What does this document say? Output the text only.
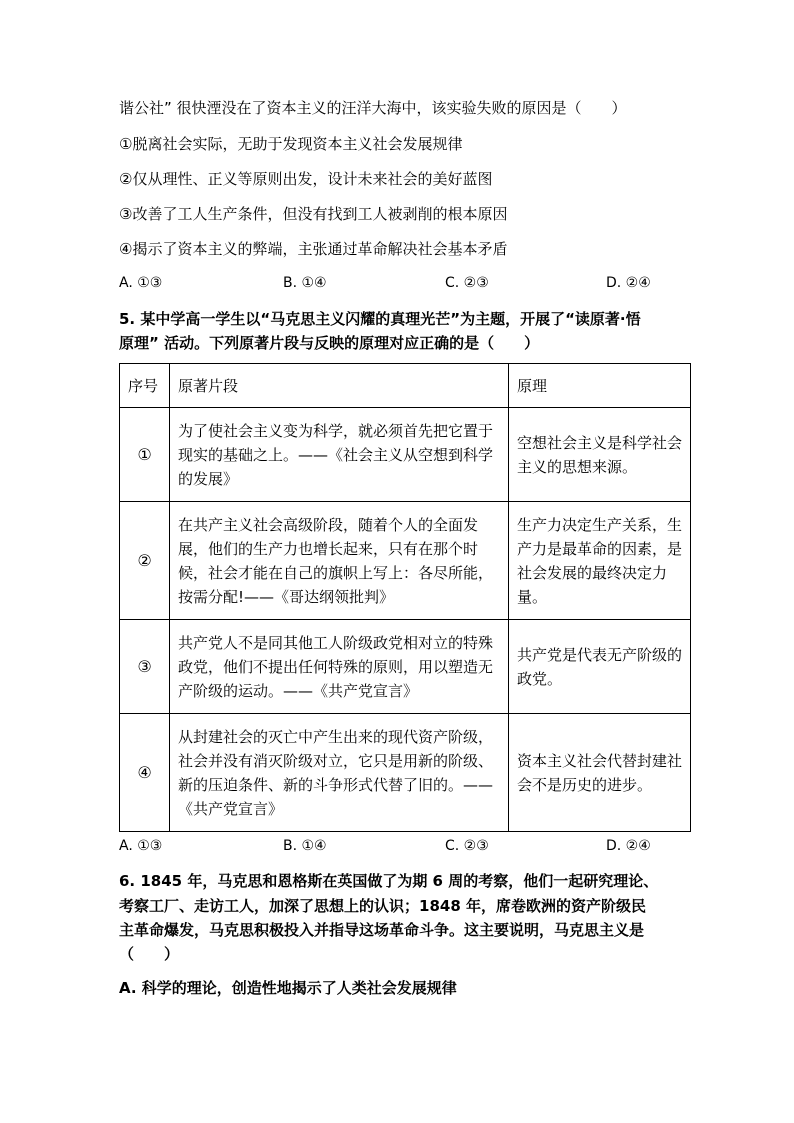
谐公社” 很快湮没在了资本主义的汪洋大海中，该实验失败的原因是（　　）
①脱离社会实际，无助于发现资本主义社会发展规律
②仅从理性、正义等原则出发，设计未来社会的美好蓝图
③改善了工人生产条件，但没有找到工人被剥削的根本原因
④揭示了资本主义的弊端，主张通过革命解决社会基本矛盾
A. ①③	B. ①④	C. ②③	D. ②④
5. 某中学高一学生以“马克思主义闪耀的真理光芒”为主题，开展了“读原著·悟
原理” 活动。下列原著片段与反映的原理对应正确的是（　　）
序号	原著片段	原理
①	为了使社会主义变为科学，就必须首先把它置于现实的基础之上。——《社会主义从空想到科学的发展》	空想社会主义是科学社会主义的思想来源。
②	在共产主义社会高级阶段，随着个人的全面发展，他们的生产力也增长起来，只有在那个时候，社会才能在自己的旗帜上写上：各尽所能，按需分配!——《哥达纲领批判》	生产力决定生产关系，生产力是最革命的因素，是社会发展的最终决定力量。
③	共产党人不是同其他工人阶级政党相对立的特殊政党，他们不提出任何特殊的原则，用以塑造无产阶级的运动。——《共产党宣言》	共产党是代表无产阶级的政党。
④	从封建社会的灭亡中产生出来的现代资产阶级，社会并没有消灭阶级对立，它只是用新的阶级、新的压迫条件、新的斗争形式代替了旧的。——《共产党宣言》	资本主义社会代替封建社会不是历史的进步。
A. ①③	B. ①④	C. ②③	D. ②④
6. 1845 年，马克思和恩格斯在英国做了为期 6 周的考察，他们一起研究理论、
考察工厂、走访工人，加深了思想上的认识；1848 年，席卷欧洲的资产阶级民
主革命爆发，马克思积极投入并指导这场革命斗争。这主要说明，马克思主义是
（　　）
A. 科学的理论，创造性地揭示了人类社会发展规律
